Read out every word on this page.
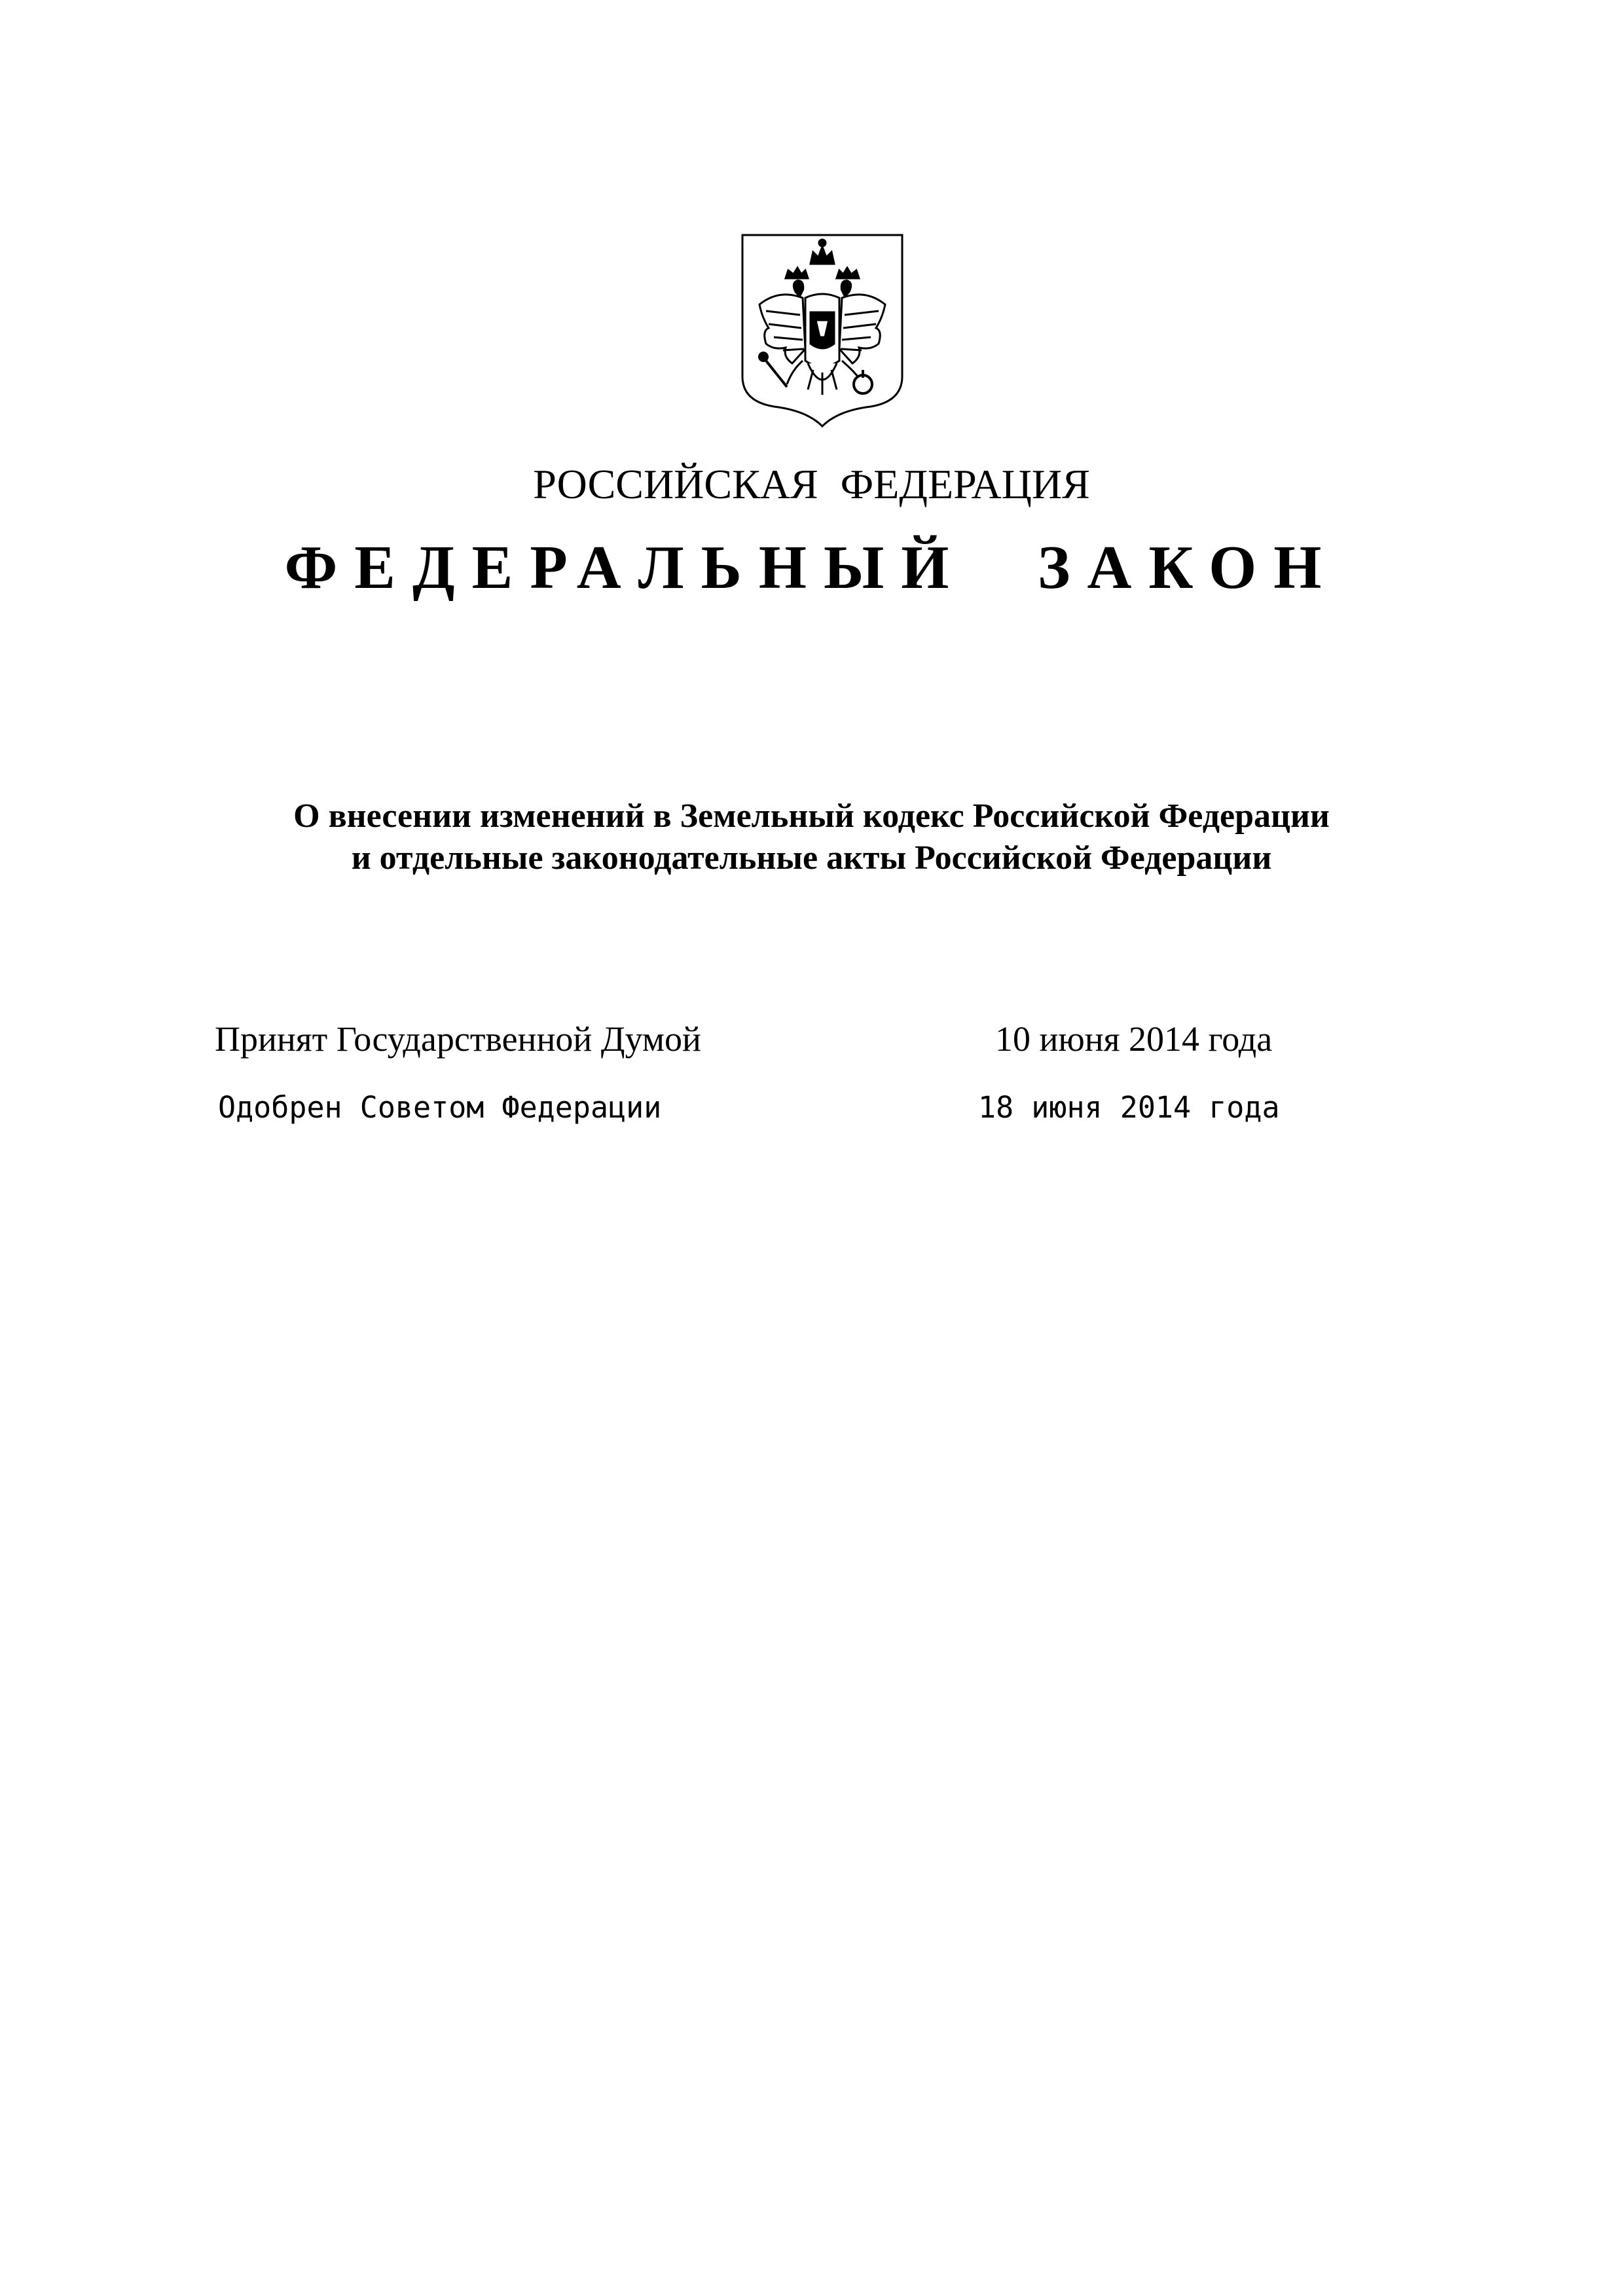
РОССИЙСКАЯ ФЕДЕРАЦИЯ
ФЕДЕРАЛЬНЫЙ ЗАКОН
О внесении изменений в Земельный кодекс Российской Федерации
и отдельные законодательные акты Российской Федерации
Принят Государственной Думой	10 июня 2014 года
Одобрен Советом Федерации	18 июня 2014 года
